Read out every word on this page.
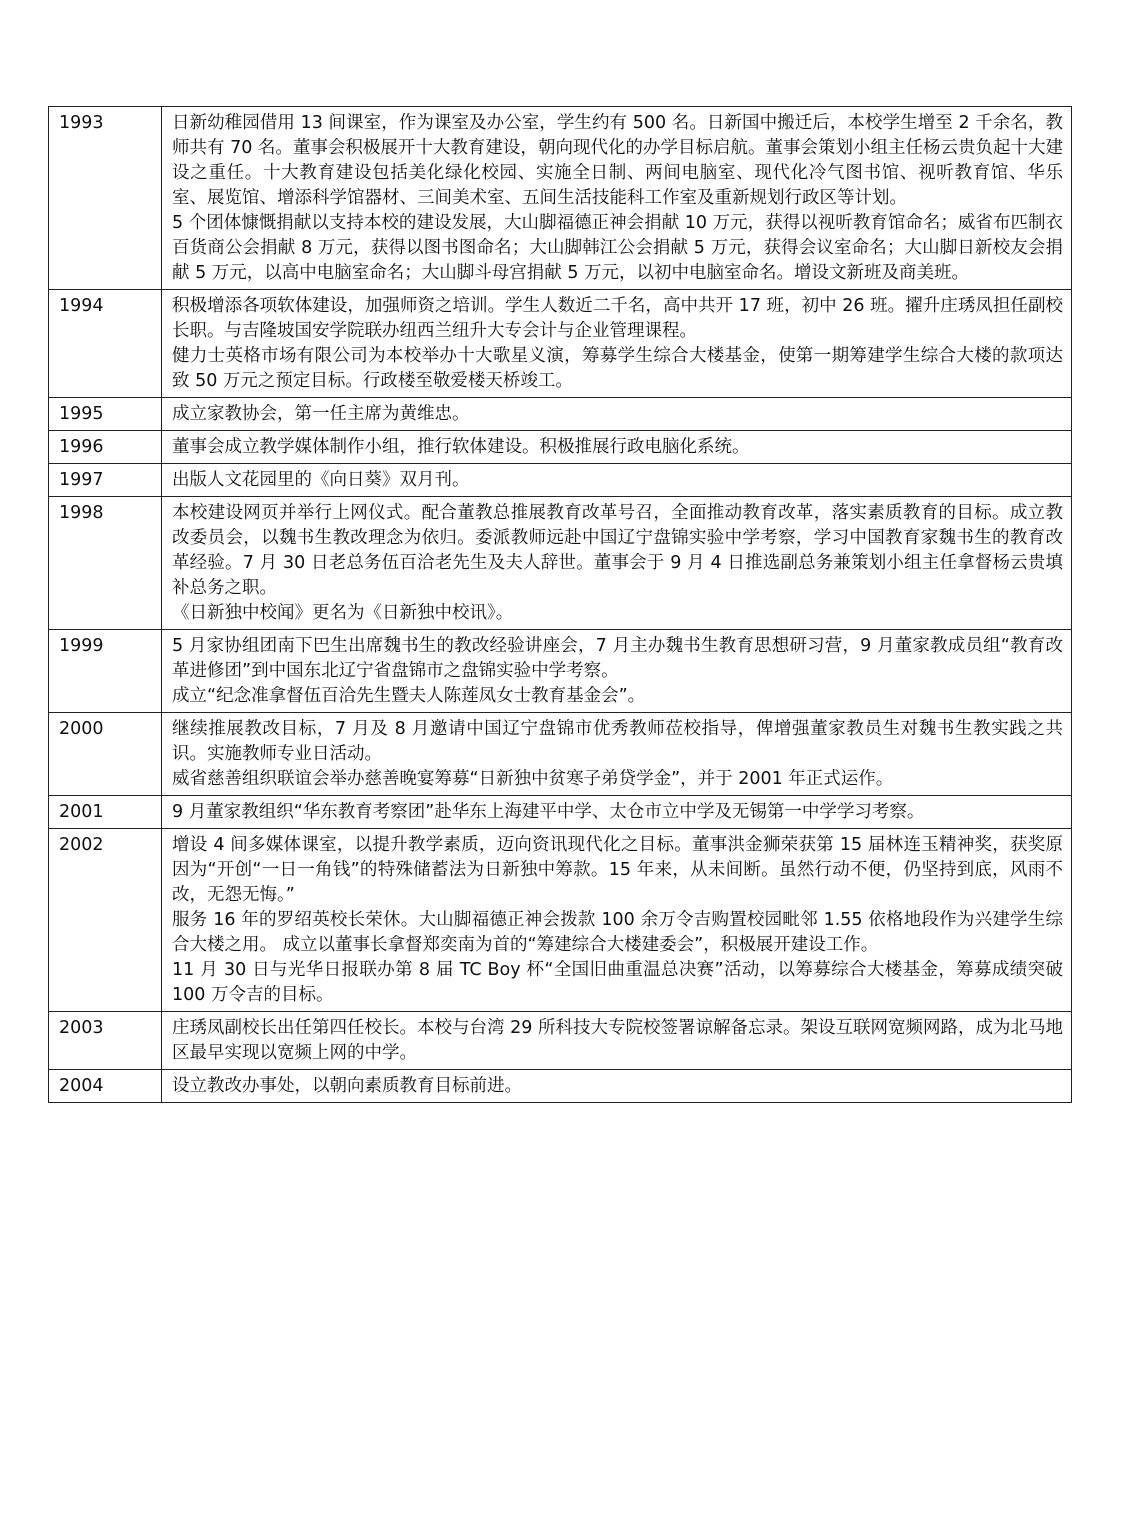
1993	日新幼稚园借用 13 间课室，作为课室及办公室，学生约有 500 名。日新国中搬迁后，本校学生增至 2 千余名，教师共有 70 名。董事会积极展开十大教育建设，朝向现代化的办学目标启航。董事会策划小组主任杨云贵负起十大建设之重任。十大教育建设包括美化绿化校园、实施全日制、两间电脑室、现代化冷气图书馆、视听教育馆、华乐室、展览馆、增添科学馆器材、三间美术室、五间生活技能科工作室及重新规划行政区等计划。

5 个团体慷慨捐献以支持本校的建设发展，大山脚福德正神会捐献 10 万元，获得以视听教育馆命名；威省布匹制衣百货商公会捐献 8 万元，获得以图书图命名；大山脚韩江公会捐献 5 万元，获得会议室命名；大山脚日新校友会捐献 5 万元，以高中电脑室命名；大山脚斗母宫捐献 5 万元，以初中电脑室命名。增设文新班及商美班。

1994	积极增添各项软体建设，加强师资之培训。学生人数近二千名，高中共开 17 班，初中 26 班。擢升庄琇凤担任副校长职。与吉隆坡国安学院联办纽西兰纽升大专会计与企业管理课程。

健力士英格市场有限公司为本校举办十大歌星义演，筹募学生综合大楼基金，使第一期筹建学生综合大楼的款项达致 50 万元之预定目标。行政楼至敬爱楼天桥竣工。

1995	成立家教协会，第一任主席为黄维忠。

1996	董事会成立教学媒体制作小组，推行软体建设。积极推展行政电脑化系统。

1997	出版人文花园里的《向日葵》双月刊。

1998	本校建设网页并举行上网仪式。配合董教总推展教育改革号召，全面推动教育改革，落实素质教育的目标。成立教改委员会，以魏书生教改理念为依归。委派教师远赴中国辽宁盘锦实验中学考察，学习中国教育家魏书生的教育改革经验。7 月 30 日老总务伍百洽老先生及夫人辞世。董事会于 9 月 4 日推选副总务兼策划小组主任拿督杨云贵填补总务之职。

《日新独中校闻》更名为《日新独中校讯》。

1999	5 月家协组团南下巴生出席魏书生的教改经验讲座会，7 月主办魏书生教育思想研习营，9 月董家教成员组“教育改革进修团”到中国东北辽宁省盘锦市之盘锦实验中学考察。

成立“纪念准拿督伍百洽先生暨夫人陈莲凤女士教育基金会”。

2000	继续推展教改目标，7 月及 8 月邀请中国辽宁盘锦市优秀教师莅校指导，俾增强董家教员生对魏书生教实践之共识。实施教师专业日活动。

威省慈善组织联谊会举办慈善晚宴筹募“日新独中贫寒子弟贷学金”，并于 2001 年正式运作。

2001	9 月董家教组织“华东教育考察团”赴华东上海建平中学、太仓市立中学及无锡第一中学学习考察。

2002	增设 4 间多媒体课室，以提升教学素质，迈向资讯现代化之目标。董事洪金狮荣获第 15 届林连玉精神奖，获奖原因为“开创“一日一角钱”的特殊储蓄法为日新独中筹款。15 年来，从未间断。虽然行动不便，仍坚持到底，风雨不改，无怨无悔。”

服务 16 年的罗绍英校长荣休。大山脚福德正神会拨款 100 余万令吉购置校园毗邻 1.55 依格地段作为兴建学生综合大楼之用。 成立以董事长拿督郑奕南为首的“筹建综合大楼建委会”，积极展开建设工作。

11 月 30 日与光华日报联办第 8 届 TC Boy 杯“全国旧曲重温总决赛”活动，以筹募综合大楼基金，筹募成绩突破 100 万令吉的目标。

2003	庄琇凤副校长出任第四任校长。本校与台湾 29 所科技大专院校签署谅解备忘录。架设互联网宽频网路，成为北马地区最早实现以宽频上网的中学。

2004	设立教改办事处，以朝向素质教育目标前进。
